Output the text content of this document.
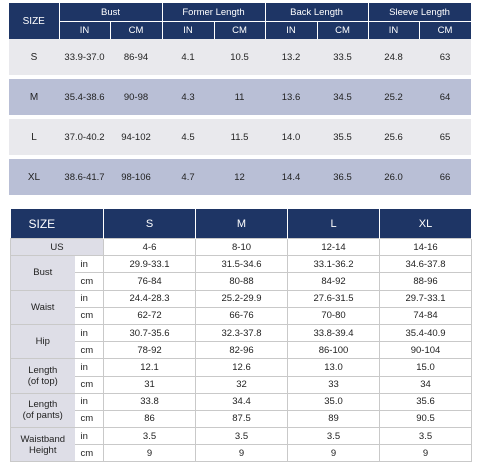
SIZE	Bust		Former Length		Back Length		Sleeve Length	
	IN	CM	IN	CM	IN	CM	IN	CM
S	33.9-37.0	86-94	4.1	10.5	13.2	33.5	24.8	63
M	35.4-38.6	90-98	4.3	11	13.6	34.5	25.2	64
L	37.0-40.2	94-102	4.5	11.5	14.0	35.5	25.6	65
XL	38.6-41.7	98-106	4.7	12	14.4	36.5	26.0	66
SIZE		S	M	L	XL
US		4-6	8-10	12-14	14-16
Bust	in	29.9-33.1	31.5-34.6	33.1-36.2	34.6-37.8
	cm	76-84	80-88	84-92	88-96
Waist	in	24.4-28.3	25.2-29.9	27.6-31.5	29.7-33.1
	cm	62-72	66-76	70-80	74-84
Hip	in	30.7-35.6	32.3-37.8	33.8-39.4	35.4-40.9
	cm	78-92	82-96	86-100	90-104
Length
(of top)	in	12.1	12.6	13.0	15.0
	cm	31	32	33	34
Length
(of pants)	in	33.8	34.4	35.0	35.6
	cm	86	87.5	89	90.5
Waistband
Height	in	3.5	3.5	3.5	3.5
	cm	9	9	9	9
